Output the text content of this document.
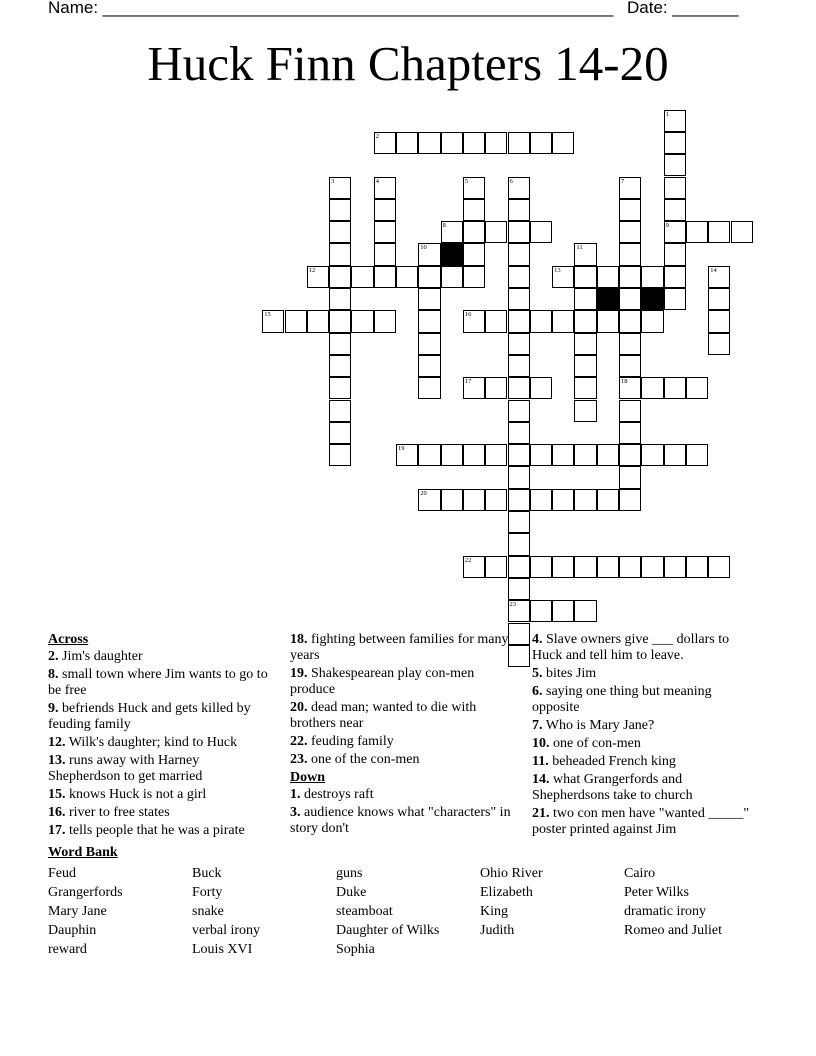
Name: ______________________________________________________ Date: _______
Huck Finn Chapters 14-20
2
8	9
12	13
15	16
17	18
19
20
22
23
1
3	4	5	6	7
10	11
14
Across
2. Jim's daughter
8. small town where Jim wants to go to be free
9. befriends Huck and gets killed by feuding family
12. Wilk's daughter; kind to Huck
13. runs away with Harney Shepherdson to get married
15. knows Huck is not a girl
16. river to free states
17. tells people that he was a pirate
18. fighting between families for many years
19. Shakespearean play con-men produce
20. dead man; wanted to die with brothers near
22. feuding family
23. one of the con-men
Down
1. destroys raft
3. audience knows what "characters" in story don't
4. Slave owners give ___ dollars to Huck and tell him to leave.
5. bites Jim
6. saying one thing but meaning opposite
7. Who is Mary Jane?
10. one of con-men
11. beheaded French king
14. what Grangerfords and Shepherdsons take to church
21. two con men have "wanted _____" poster printed against Jim
Word Bank
Feud
Grangerfords
Mary Jane
Dauphin
reward
Buck
Forty
snake
verbal irony
Louis XVI
guns
Duke
steamboat
Daughter of Wilks
Sophia
Ohio River
Elizabeth
King
Judith
Cairo
Peter Wilks
dramatic irony
Romeo and Juliet
